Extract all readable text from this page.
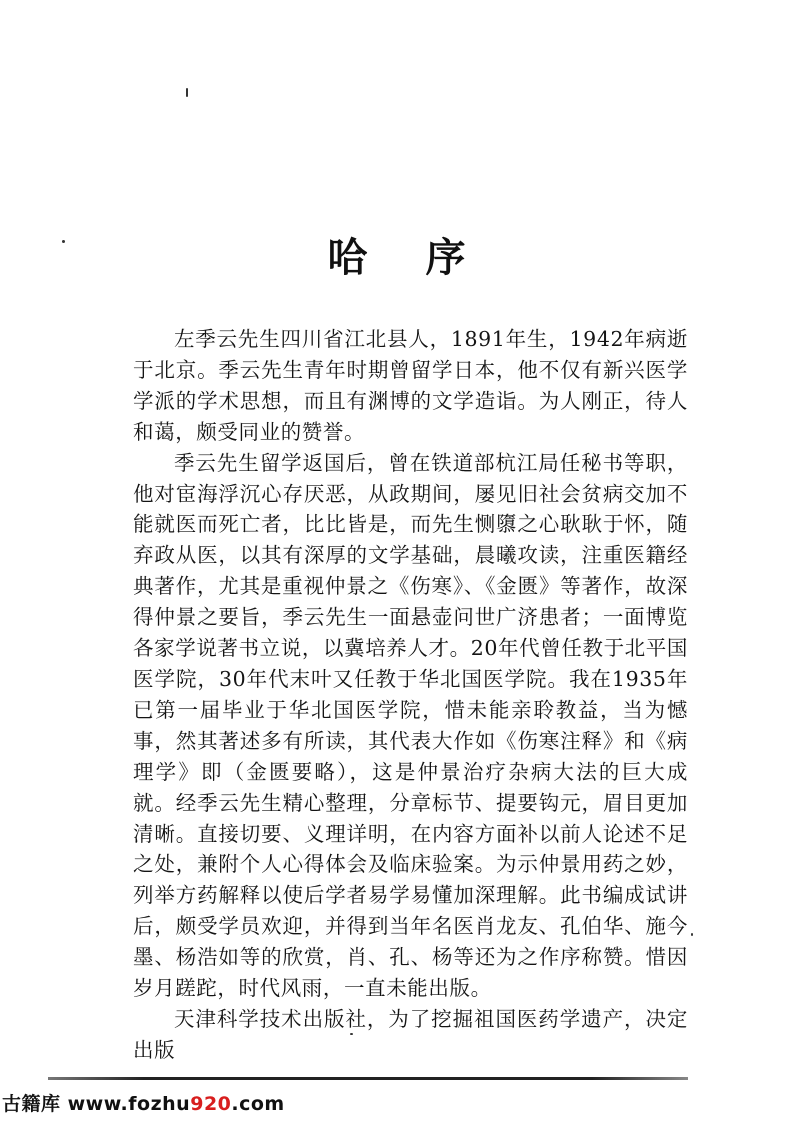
哈序

左季云先生四川省江北县人，1891年生，1942年病逝于北京。季云先生青年时期曾留学日本，他不仅有新兴医学学派的学术思想，而且有渊博的文学造诣。为人刚正，待人和蔼，颇受同业的赞誉。

季云先生留学返国后，曾在铁道部杭江局任秘书等职，他对宦海浮沉心存厌恶，从政期间，屡见旧社会贫病交加不能就医而死亡者，比比皆是，而先生恻隳之心耿耿于怀，随弃政从医，以其有深厚的文学基础，晨曦攻读，注重医籍经典著作，尤其是重视仲景之《伤寒》、《金匮》等著作，故深得仲景之要旨，季云先生一面悬壶问世广济患者；一面博览各家学说著书立说，以冀培养人才。20年代曾任教于北平国医学院，30年代末叶又任教于华北国医学院。我在1935年已第一届毕业于华北国医学院，惜未能亲聆教益，当为憾事，然其著述多有所读，其代表大作如《伤寒注释》和《病理学》即（金匮要略），这是仲景治疗杂病大法的巨大成就。经季云先生精心整理，分章标节、提要钩元，眉目更加清晰。直接切要、义理详明，在内容方面补以前人论述不足之处，兼附个人心得体会及临床验案。为示仲景用药之妙，列举方药解释以使后学者易学易懂加深理解。此书编成试讲后，颇受学员欢迎，并得到当年名医肖龙友、孔伯华、施今墨、杨浩如等的欣赏，肖、孔、杨等还为之作序称赞。惜因岁月蹉跎，时代风雨，一直未能出版。

天津科学技术出版社，为了挖掘祖国医药学遗产，决定出版

古籍库 www.fozhu920.com
